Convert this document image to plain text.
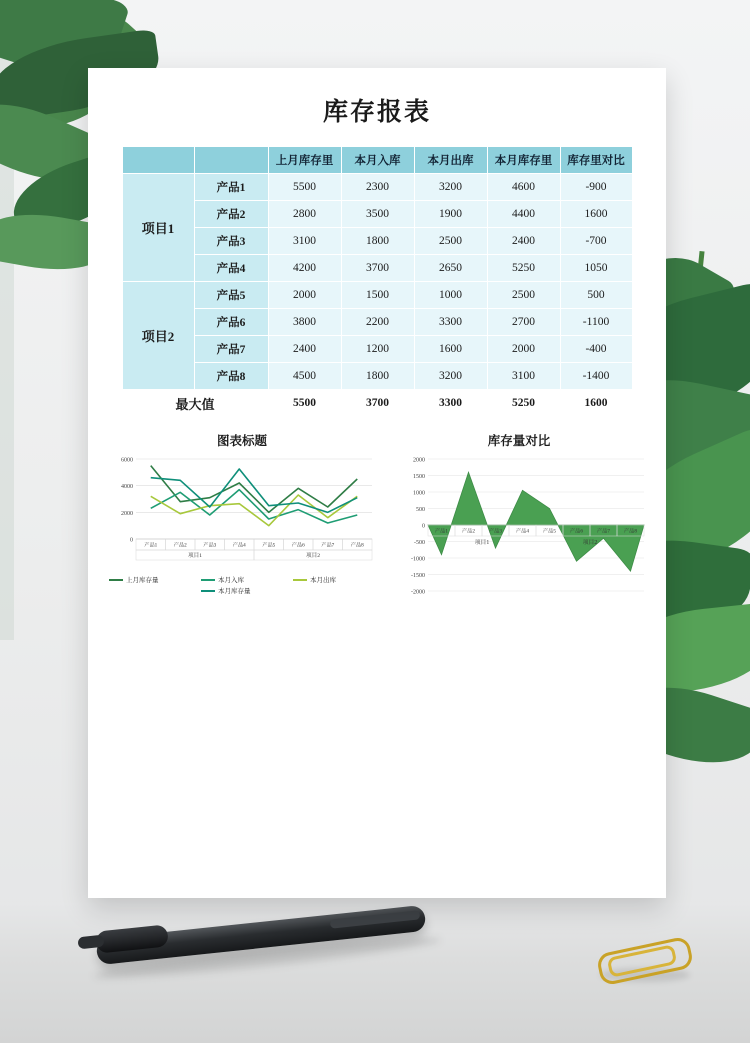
库存报表
		上月库存里	本月入库	本月出库	本月库存里	库存里对比
项目1	产品1	5500	2300	3200	4600	-900
	产品2	2800	3500	1900	4400	1600
	产品3	3100	1800	2500	2400	-700
	产品4	4200	3700	2650	5250	1050
项目2	产品5	2000	1500	1000	2500	500
	产品6	3800	2200	3300	2700	-1100
	产品7	2400	1200	1600	2000	-400
	产品8	4500	1800	3200	3100	-1400
最大值		5500	3700	3300	5250	1600
图表标题
0
2000
4000
6000
产品1	产品2	产品3	产品4	产品5	产品6	产品7	产品8
项目1	项目2
上月库存量	本月入库	本月出库
本月库存量
库存量对比
2000
1500
1000
500
0
-500
-1000
-1500
-2000
产品1	产品2	产品3	产品4	产品5	产品6	产品7	产品8
项目1	项目2
